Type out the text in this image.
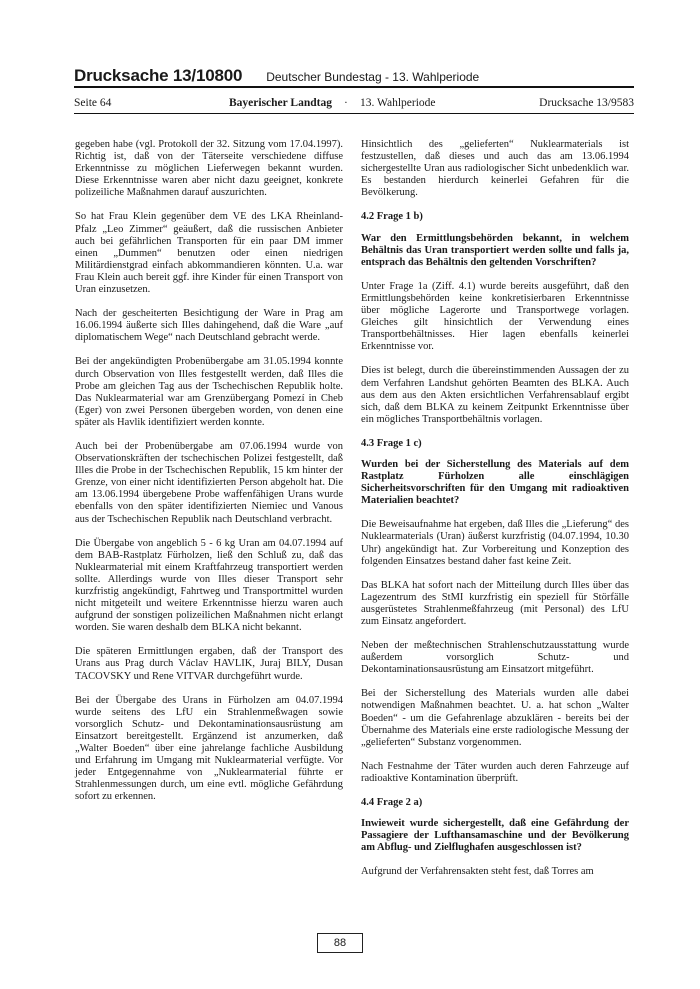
Drucksache 13/10800 Deutscher Bundestag - 13. Wahlperiode
Seite 64	Bayerischer Landtag · 13. Wahlperiode	Drucksache 13/9583

gegeben habe (vgl. Protokoll der 32. Sitzung vom 17.04.1997). Richtig ist, daß von der Täterseite verschiedene diffuse Erkenntnisse zu möglichen Lieferwegen bekannt wurden. Diese Erkenntnisse waren aber nicht dazu geeignet, konkrete polizeiliche Maßnahmen darauf auszurichten.

So hat Frau Klein gegenüber dem VE des LKA Rheinland-Pfalz „Leo Zimmer“ geäußert, daß die russischen Anbieter auch bei gefährlichen Transporten für ein paar DM immer einen „Dummen“ benutzen oder einen niedrigen Militärdienstgrad einfach abkommandieren könnten. U.a. war Frau Klein auch bereit ggf. ihre Kinder für einen Transport von Uran einzusetzen.

Nach der gescheiterten Besichtigung der Ware in Prag am 16.06.1994 äußerte sich Illes dahingehend, daß die Ware „auf diplomatischem Wege“ nach Deutschland gebracht werde.

Bei der angekündigten Probenübergabe am 31.05.1994 konnte durch Observation von Illes festgestellt werden, daß Illes die Probe am gleichen Tag aus der Tschechischen Republik holte. Das Nuklearmaterial war am Grenzübergang Pomezí in Cheb (Eger) von zwei Personen übergeben worden, von denen eine später als Havlik identifiziert werden konnte.

Auch bei der Probenübergabe am 07.06.1994 wurde von Observationskräften der tschechischen Polizei festgestellt, daß Illes die Probe in der Tschechischen Republik, 15 km hinter der Grenze, von einer nicht identifizierten Person abgeholt hat. Die am 13.06.1994 übergebene Probe waffenfähigen Urans wurde ebenfalls von den später identifizierten Niemiec und Vanous aus der Tschechischen Republik nach Deutschland verbracht.

Die Übergabe von angeblich 5 - 6 kg Uran am 04.07.1994 auf dem BAB-Rastplatz Fürholzen, ließ den Schluß zu, daß das Nuklearmaterial mit einem Kraftfahrzeug transportiert werden sollte. Allerdings wurde von Illes dieser Transport sehr kurzfristig angekündigt, Fahrtweg und Transportmittel wurden nicht mitgeteilt und weitere Erkenntnisse hierzu waren auch aufgrund der sonstigen polizeilichen Maßnahmen nicht erlangt worden. Sie waren deshalb dem BLKA nicht bekannt.

Die späteren Ermittlungen ergaben, daß der Transport des Urans aus Prag durch Václav HAVLIK, Juraj BILY, Dusan TACOVSKY und Rene VITVAR durchgeführt wurde.

Bei der Übergabe des Urans in Fürholzen am 04.07.1994 wurde seitens des LfU ein Strahlenmeßwagen sowie vorsorglich Schutz- und Dekontaminationsausrüstung am Einsatzort bereitgestellt. Ergänzend ist anzumerken, daß „Walter Boeden“ über eine jahrelange fachliche Ausbildung und Erfahrung im Umgang mit Nuklearmaterial verfügte. Vor jeder Entgegennahme von „Nuklearmaterial führte er Strahlenmessungen durch, um eine evtl. mögliche Gefährdung sofort zu erkennen.

Hinsichtlich des „gelieferten“ Nuklearmaterials ist festzustellen, daß dieses und auch das am 13.06.1994 sichergestellte Uran aus radiologischer Sicht unbedenklich war. Es bestanden hierdurch keinerlei Gefahren für die Bevölkerung.

4.2 Frage 1 b)

War den Ermittlungsbehörden bekannt, in welchem Behältnis das Uran transportiert werden sollte und falls ja, entsprach das Behältnis den geltenden Vorschriften?

Unter Frage 1a (Ziff. 4.1) wurde bereits ausgeführt, daß den Ermittlungsbehörden keine konkretisierbaren Erkenntnisse über mögliche Lagerorte und Transportwege vorlagen. Gleiches gilt hinsichtlich der Verwendung eines Transportbehältnisses. Hier lagen ebenfalls keinerlei Erkenntnisse vor.

Dies ist belegt, durch die übereinstimmenden Aussagen der zu dem Verfahren Landshut gehörten Beamten des BLKA. Auch aus dem aus den Akten ersichtlichen Verfahrensablauf ergibt sich, daß dem BLKA zu keinem Zeitpunkt Erkenntnisse über ein mögliches Transportbehältnis vorlagen.

4.3 Frage 1 c)

Wurden bei der Sicherstellung des Materials auf dem Rastplatz Fürholzen alle einschlägigen Sicherheitsvorschriften für den Umgang mit radioaktiven Materialien beachtet?

Die Beweisaufnahme hat ergeben, daß Illes die „Lieferung“ des Nuklearmaterials (Uran) äußerst kurzfristig (04.07.1994, 10.30 Uhr) angekündigt hat. Zur Vorbereitung und Konzeption des folgenden Einsatzes bestand daher fast keine Zeit.

Das BLKA hat sofort nach der Mitteilung durch Illes über das Lagezentrum des StMI kurzfristig ein speziell für Störfälle ausgerüstetes Strahlenmeßfahrzeug (mit Personal) des LfU zum Einsatz angefordert.

Neben der meßtechnischen Strahlenschutzausstattung wurde außerdem vorsorglich Schutz- und Dekontaminationsausrüstung am Einsatzort mitgeführt.

Bei der Sicherstellung des Materials wurden alle dabei notwendigen Maßnahmen beachtet. U. a. hat schon „Walter Boeden“ - um die Gefahrenlage abzuklären - bereits bei der Übernahme des Materials eine erste radiologische Messung der „gelieferten“ Substanz vorgenommen.

Nach Festnahme der Täter wurden auch deren Fahrzeuge auf radioaktive Kontamination überprüft.

4.4 Frage 2 a)

Inwieweit wurde sichergestellt, daß eine Gefährdung der Passagiere der Lufthansamaschine und der Bevölkerung am Abflug- und Zielflughafen ausgeschlossen ist?

Aufgrund der Verfahrensakten steht fest, daß Torres am

88
